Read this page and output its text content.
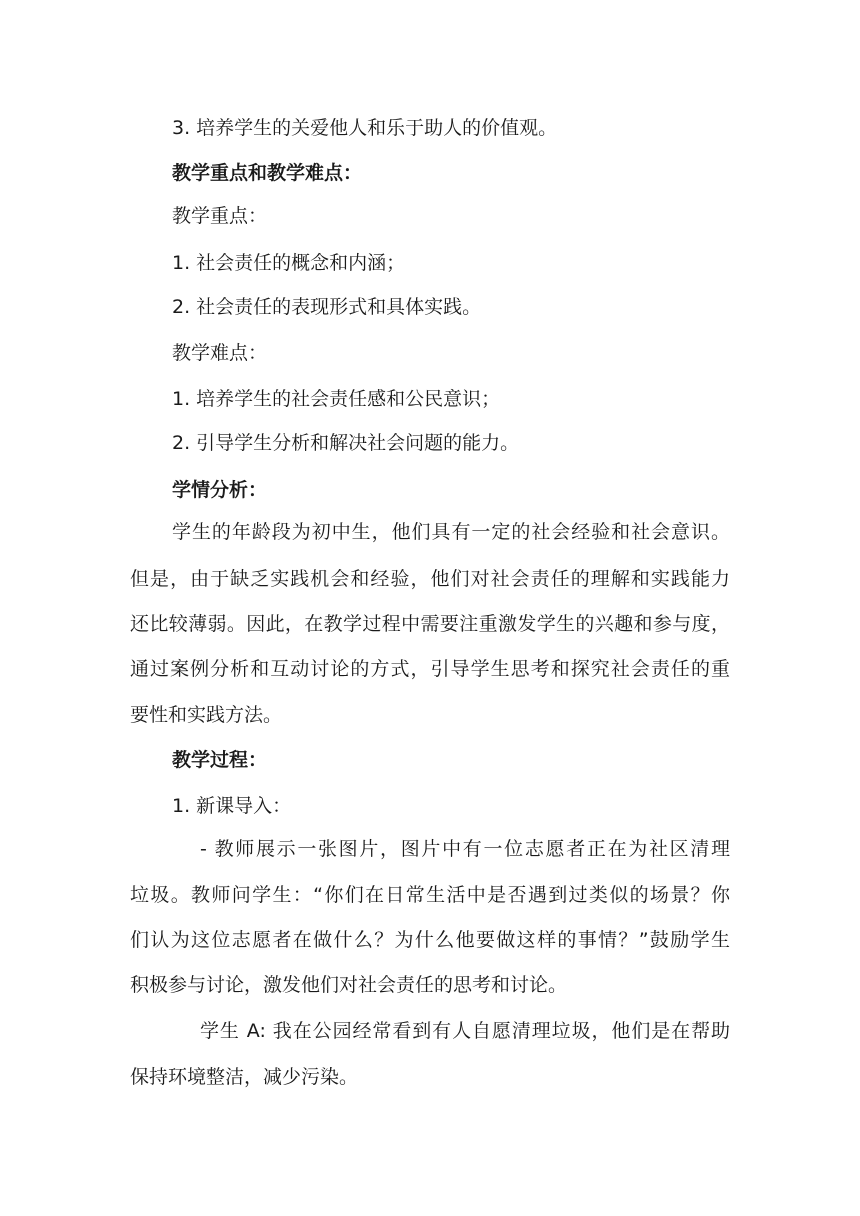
3. 培养学生的关爱他人和乐于助人的价值观。
教学重点和教学难点：
教学重点：
1. 社会责任的概念和内涵；
2. 社会责任的表现形式和具体实践。
教学难点：
1. 培养学生的社会责任感和公民意识；
2. 引导学生分析和解决社会问题的能力。
学情分析：
学生的年龄段为初中生，他们具有一定的社会经验和社会意识。
但是，由于缺乏实践机会和经验，他们对社会责任的理解和实践能力
还比较薄弱。因此，在教学过程中需要注重激发学生的兴趣和参与度，
通过案例分析和互动讨论的方式，引导学生思考和探究社会责任的重
要性和实践方法。
教学过程：
1. 新课导入：
- 教师展示一张图片，图片中有一位志愿者正在为社区清理
垃圾。教师问学生：“你们在日常生活中是否遇到过类似的场景？你
们认为这位志愿者在做什么？为什么他要做这样的事情？”鼓励学生
积极参与讨论，激发他们对社会责任的思考和讨论。
学生 A: 我在公园经常看到有人自愿清理垃圾，他们是在帮助
保持环境整洁，减少污染。
